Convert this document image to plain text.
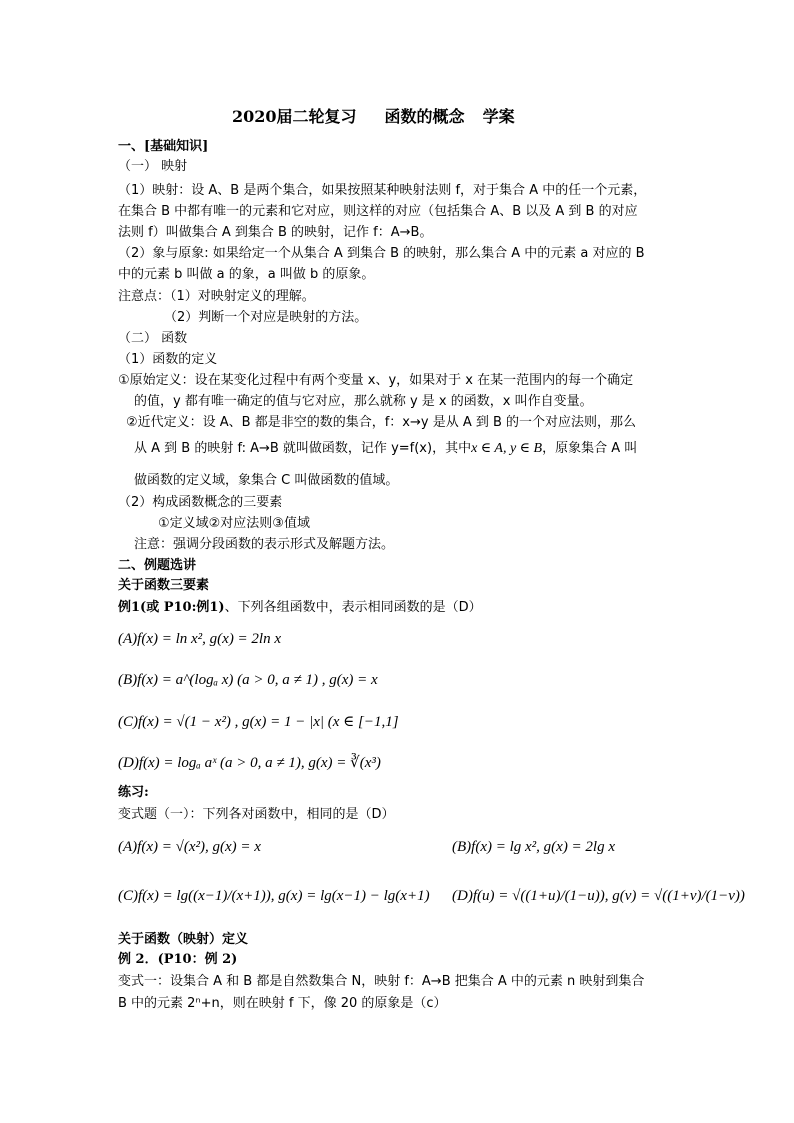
2020届二轮复习 函数的概念 学案
一、[基础知识]
（一） 映射
（1）映射：设 A、B 是两个集合，如果按照某种映射法则 f，对于集合 A 中的任一个元素，
在集合 B 中都有唯一的元素和它对应，则这样的对应（包括集合 A、B 以及 A 到 B 的对应
法则 f）叫做集合 A 到集合 B 的映射，记作 f：A→B。
（2）象与原象: 如果给定一个从集合 A 到集合 B 的映射，那么集合 A 中的元素 a 对应的 B
中的元素 b 叫做 a 的象，a 叫做 b 的原象。
注意点：（1）对映射定义的理解。
（2）判断一个对应是映射的方法。
（二） 函数
（1）函数的定义
①原始定义：设在某变化过程中有两个变量 x、y，如果对于 x 在某一范围内的每一个确定
的值，y 都有唯一确定的值与它对应，那么就称 y 是 x 的函数，x 叫作自变量。
②近代定义：设 A、B 都是非空的数的集合，f：x→y 是从 A 到 B 的一个对应法则，那么
从 A 到 B 的映射 f: A→B 就叫做函数，记作 y=f(x)，其中x ∈ A, y ∈ B，原象集合 A 叫
做函数的定义域，象集合 C 叫做函数的值域。
（2）构成函数概念的三要素
①定义域②对应法则③值域
注意：强调分段函数的表示形式及解题方法。
二、例题选讲
关于函数三要素
例1(或 P10:例1)、下列各组函数中，表示相同函数的是（D）
(A)f(x) = ln x², g(x) = 2ln x
(B)f(x) = a^(logₐ x) (a > 0, a ≠ 1) , g(x) = x
(C)f(x) = √(1 − x²) , g(x) = 1 − |x| (x ∈ [−1,1]
(D)f(x) = logₐ aˣ (a > 0, a ≠ 1), g(x) = ∛(x³)
练习:
变式题（一）：下列各对函数中，相同的是（D）
(A)f(x) = √(x²), g(x) = x	(B)f(x) = lg x², g(x) = 2lg x
(C)f(x) = lg((x−1)/(x+1)), g(x) = lg(x−1) − lg(x+1) (D)f(u) = √((1+u)/(1−u)), g(v) = √((1+v)/(1−v))
关于函数（映射）定义
例 2．(P10：例 2)
变式一：设集合 A 和 B 都是自然数集合 N，映射 f：A→B 把集合 A 中的元素 n 映射到集合
B 中的元素 2ⁿ+n，则在映射 f 下，像 20 的原象是（c）
